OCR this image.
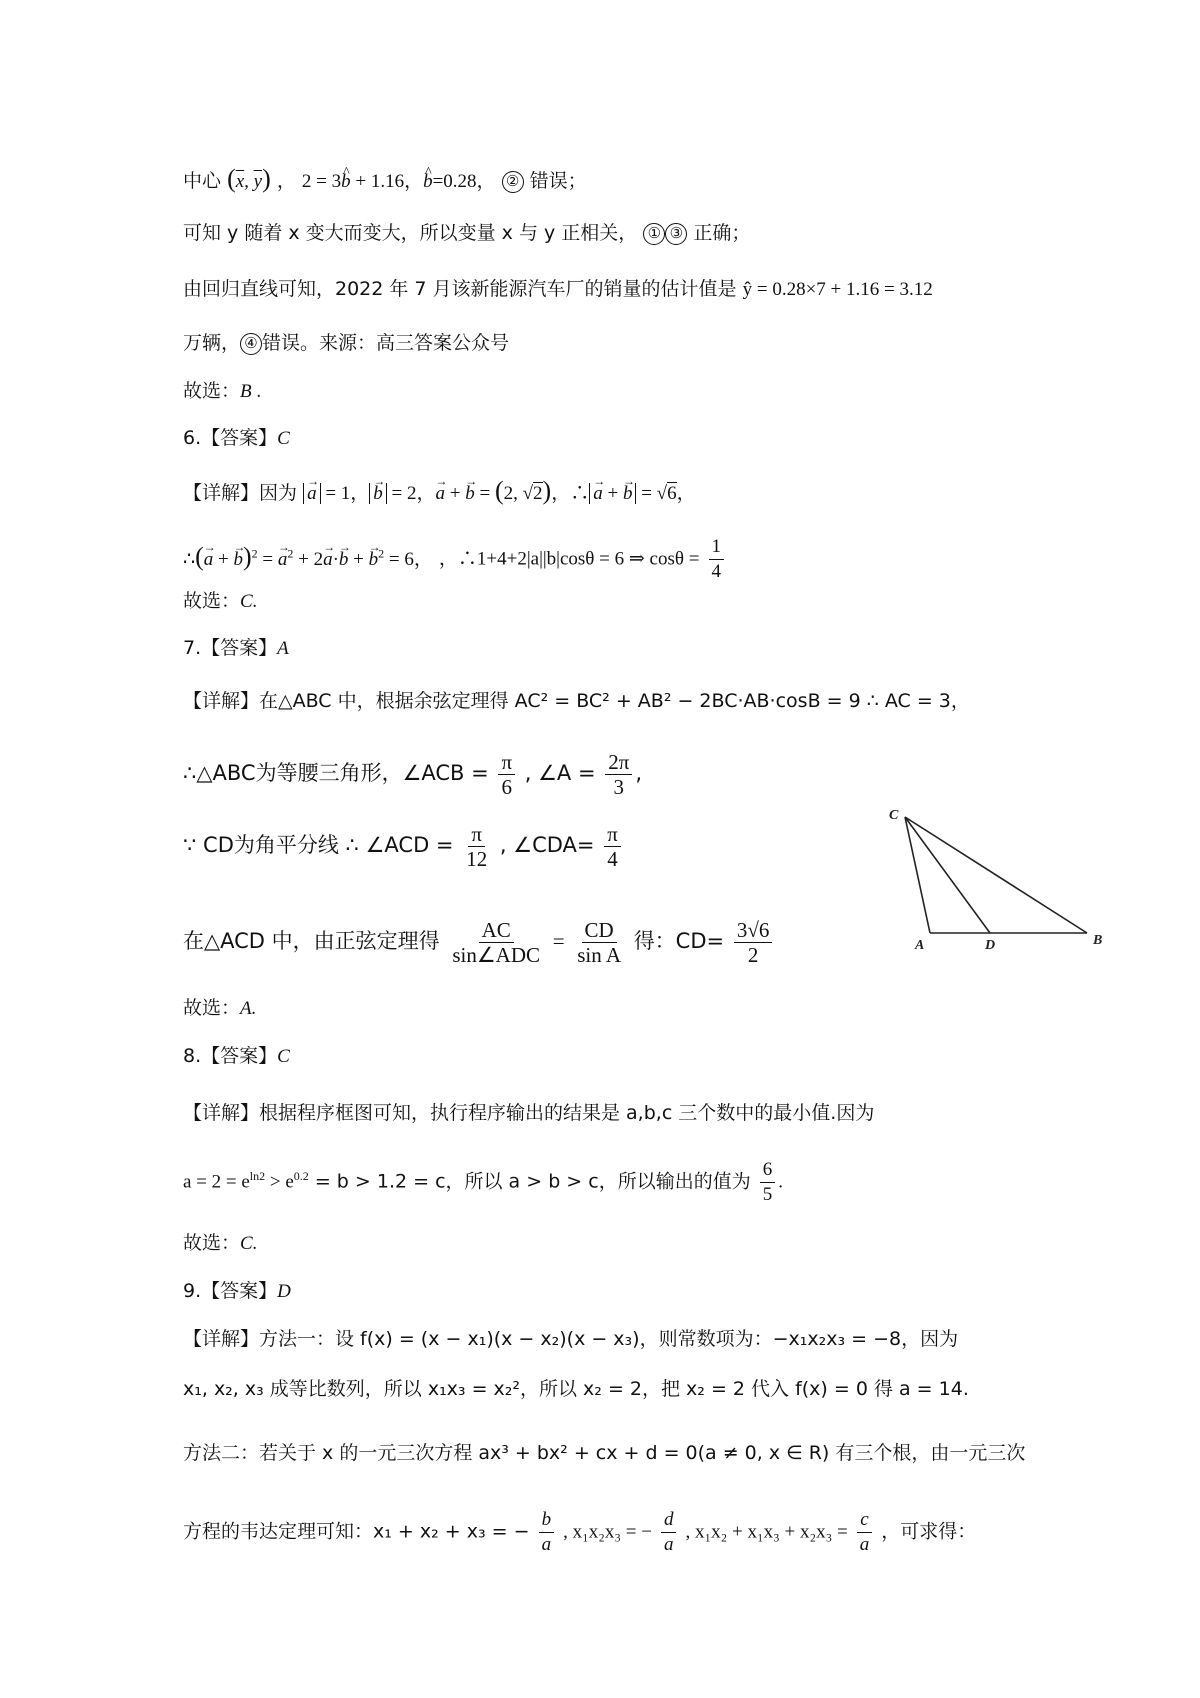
中心 ($\overline{x}$, $\overline{y}$) ， 2 = 3^ b + 1.16，^ b=0.28， ② 错误；
可知 y 随着 x 变大而变大，所以变量 x 与 y 正相关， ① ③ 正确；
由回归直线可知，2022 年 7 月该新能源汽车厂的销量的估计值是 ŷ = 0.28×7 + 1.16 = 3.12
万辆， ④ 错误。来源：高三答案公众号
故选：B .
6.【答案】C
【详解】因为 → a = 1， → b = 2，→ a + → b = (2, √2)，∴ → a + → b = √6，
∴(→ a + → b)$^2$ = → $a^2 + 2\to a\cdot\to b$ + → $b^2 = 6$， ，∴1+4+2|a||b|cosθ = 6 ⇒ $\cos\theta = \frac{1}{4}$
故选：C.
7.【答案】A
【详解】在△ABC 中，根据余弦定理得 AC² = BC² + AB² − 2BC·AB·cosB = 9 ∴ AC = 3，
∴△ABC为等腰三角形，∠ACB = $\frac{\pi}{6}$ , ∠A = $\frac{2\pi}{3}$ ,
∵ CD为角平分线 ∴ ∠ACD = $\frac{\pi}{12}$ , ∠CDA= $\frac{\pi}{4}$
在△ACD 中，由正弦定理得 $\frac{AC}{\text{sin∠ADC}} = \frac{CD}{\text{sin A}}$ 得：$CD= \frac{3√6}{2}$
C
A	D	B
故选：A.
8.【答案】C
【详解】根据程序框图可知，执行程序输出的结果是 a,b,c 三个数中的最小值.因为
$a = 2 = e^{ln2} > e^{0.2} = b > 1.2 = c$，所以 a > b > c，所以输出的值为 $\frac{6}{5}$ .
故选：C.
9.【答案】D
【详解】方法一：设 f(x) = (x − x₁)(x − x₂)(x − x₃)，则常数项为：−x₁x₂x₃ = −8，因为
x₁, x₂, x₃ 成等比数列，所以 x₁x₃ = x₂²，所以 x₂ = 2，把 x₂ = 2 代入 f(x) = 0 得 a = 14.
方法二：若关于 x 的一元三次方程 ax³ + bx² + cx + d = 0(a ≠ 0, x ∈ R) 有三个根，由一元三次
方程的韦达定理可知：x₁ + x₂ + x₃ = − $\frac{b}{a}$ , x₁x₂x₃ = − $\frac{d}{a}$ , $x_1x_2 + x_1x_3 + x_2x_3 = \frac{c}{a}$ ，可求得：
